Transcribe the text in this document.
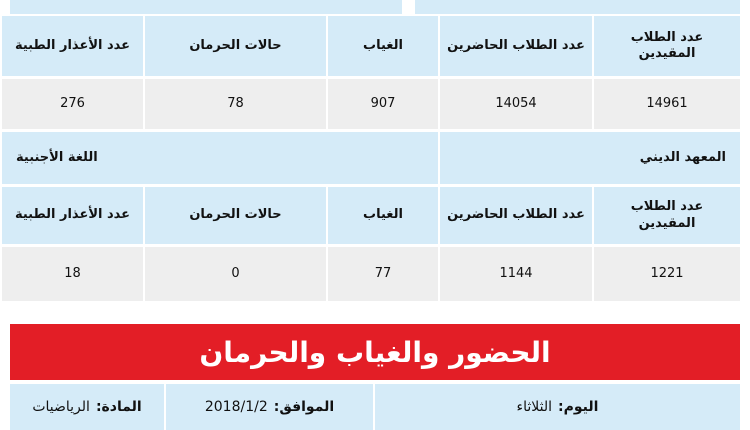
عدد الطلاب المقيدين
عدد الطلاب الحاضرين
الغياب
حالات الحرمان
عدد الأعذار الطبية
14961
14054
907
78
276
المعهد الديني
اللغة الأجنبية
عدد الطلاب المقيدين
عدد الطلاب الحاضرين
الغياب
حالات الحرمان
عدد الأعذار الطبية
1221
1144
77
0
18
الحضور والغياب والحرمان
المادة:
الرياضيات	الموافق:
2018/1/2	اليوم:
الثلاثاء
